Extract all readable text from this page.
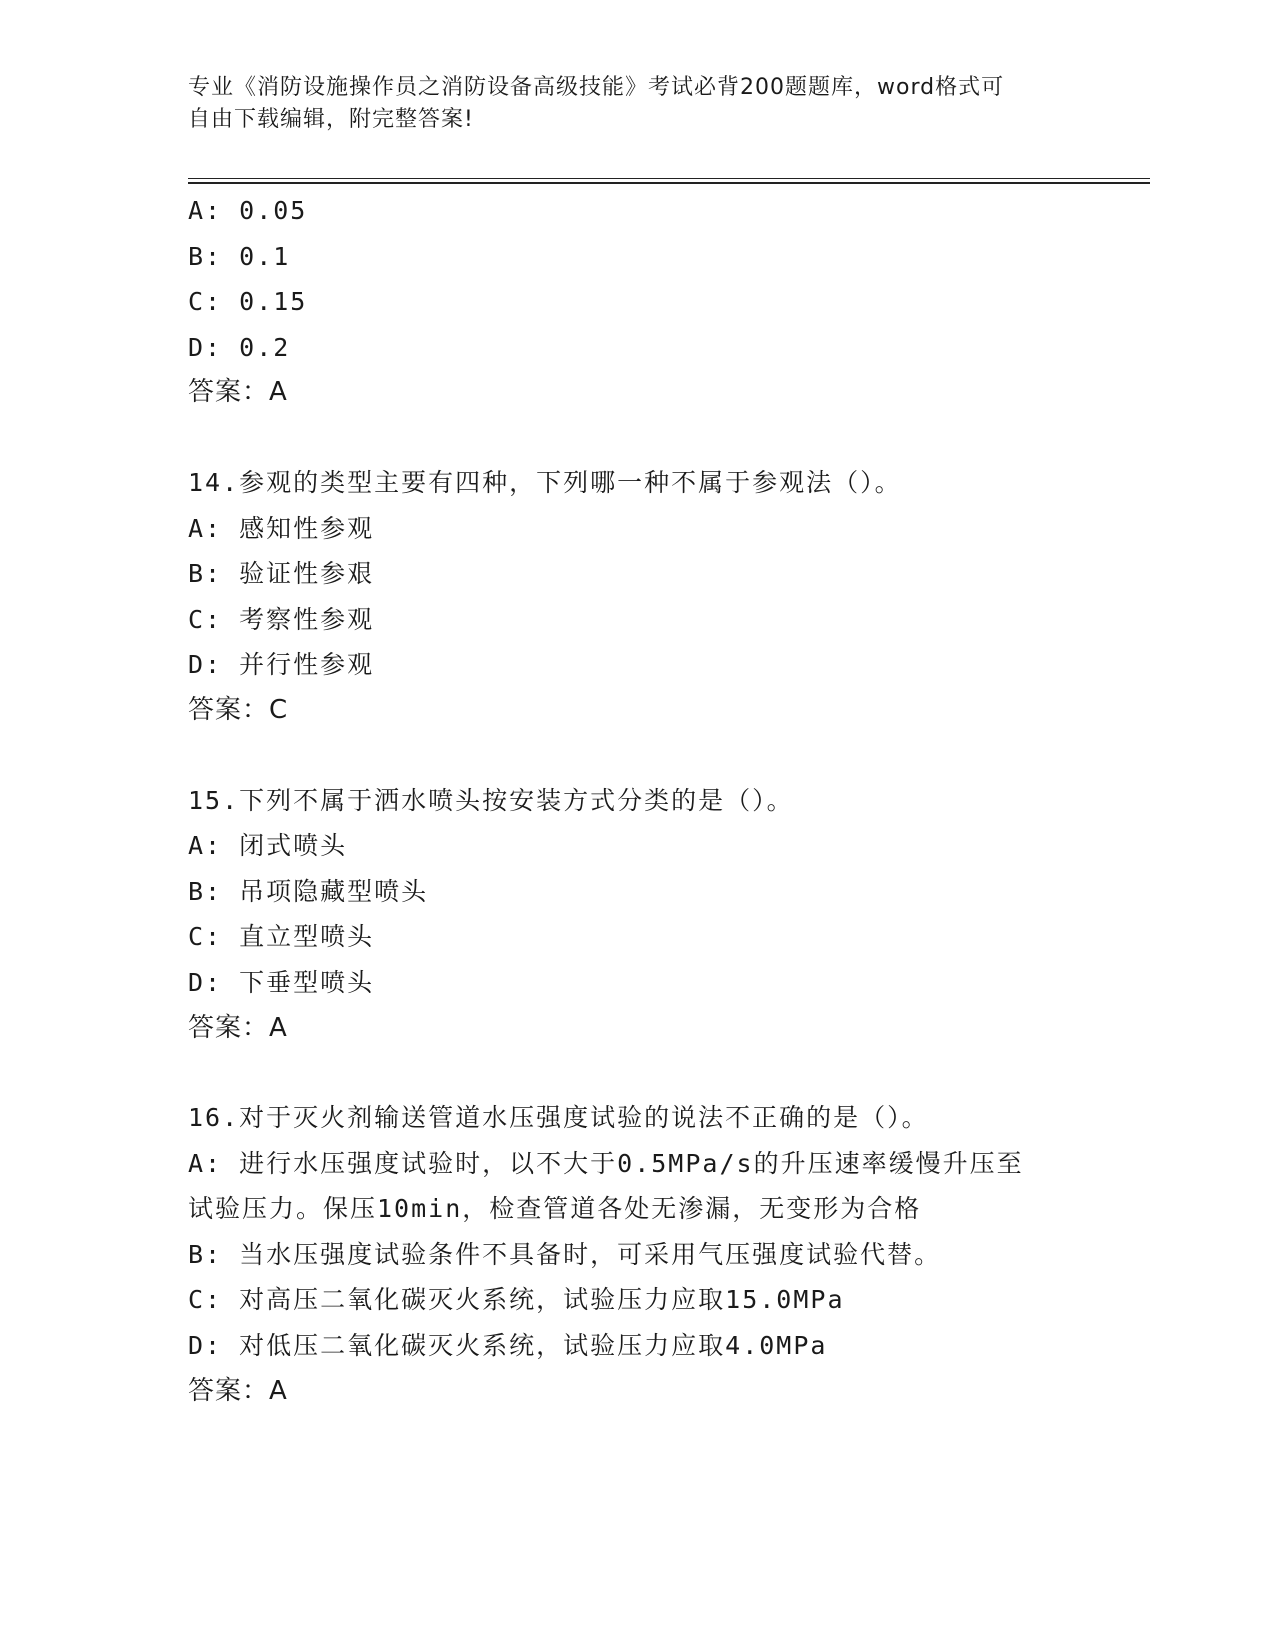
专业《消防设施操作员之消防设备高级技能》考试必背200题题库，word格式可
自由下载编辑，附完整答案!
A: 0.05
B: 0.1
C: 0.15
D: 0.2
答案：A
14.参观的类型主要有四种，下列哪一种不属于参观法（）。
A: 感知性参观
B: 验证性参艰
C: 考察性参观
D: 并行性参观
答案：C
15.下列不属于洒水喷头按安装方式分类的是（）。
A: 闭式喷头
B: 吊项隐藏型喷头
C: 直立型喷头
D: 下垂型喷头
答案：A
16.对于灭火剂输送管道水压强度试验的说法不正确的是（）。
A: 进行水压强度试验时，以不大于0.5MPa/s的升压速率缓慢升压至
试验压力。保压10min，检查管道各处无渗漏，无变形为合格
B: 当水压强度试验条件不具备时，可采用气压强度试验代替。
C: 对高压二氧化碳灭火系统，试验压力应取15.0MPa
D: 对低压二氧化碳灭火系统，试验压力应取4.0MPa
答案：A
